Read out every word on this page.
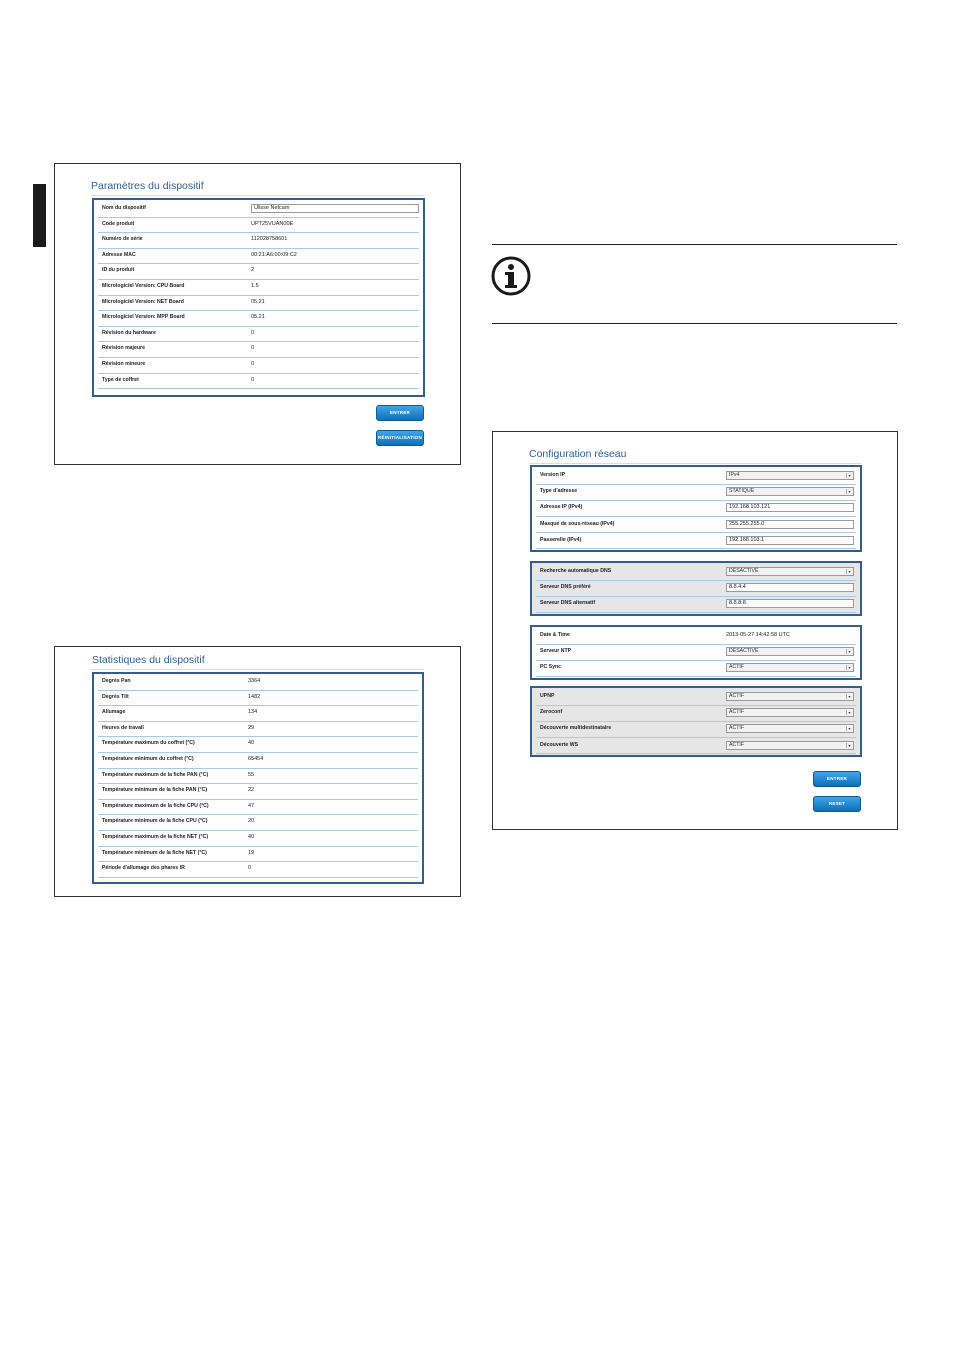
Paramètres du dispositif
Nom du dispositif	Ulisse Netcam
Code produit	UPT25VUAN00E
Numéro de série	112028758601
Adresse MAC	00:21:A6:00:09:C2
ID du produit	2
Micrologiciel Version: CPU Board	1.5
Micrologiciel Version: NET Board	05.21
Micrologiciel Version: MPP Board	05.21
Révision du hardware	0
Révision majeure	0
Révision mineure	0
Type de coffret	0
ENTRER
RÉINITIALISATION
Statistiques du dispositif
Degrés Pan	3364
Degrés Tilt	1482
Allumage	134
Heures de travail	29
Température maximum du coffret (°C)	40
Température minimum du coffret (°C)	65454
Température maximum de la fiche PAN (°C)	55
Température minimum de la fiche PAN (°C)	22
Température maximum de la fiche CPU (°C)	47
Température minimum de la fiche CPU (°C)	20
Température maximum de la fiche NET (°C)	40
Température minimum de la fiche NET (°C)	19
Période d'allumage des phares IR	0
Configuration réseau
Version IP	IPv4	▾
Type d'adresse	STATIQUE	▾
Adresse IP (IPv4)	192.168.103.121
Masque de sous-réseau (IPv4)	255.255.255.0
Passerelle (IPv4)	192.168.103.1
Recherche automatique DNS	DÉSACTIVÉ	▾
Serveur DNS préféré	8.8.4.4
Serveur DNS alternatif	8.8.8.8
Date & Time	2013-05-27 14:42:58 UTC
Serveur NTP	DÉSACTIVÉ	▾
PC Sync	ACTIF	▾
UPNP	ACTIF	▾
Zeroconf	ACTIF	▾
Découverte multidestinataire	ACTIF	▾
Découverte WS	ACTIF	▾
ENTRER
RESET
